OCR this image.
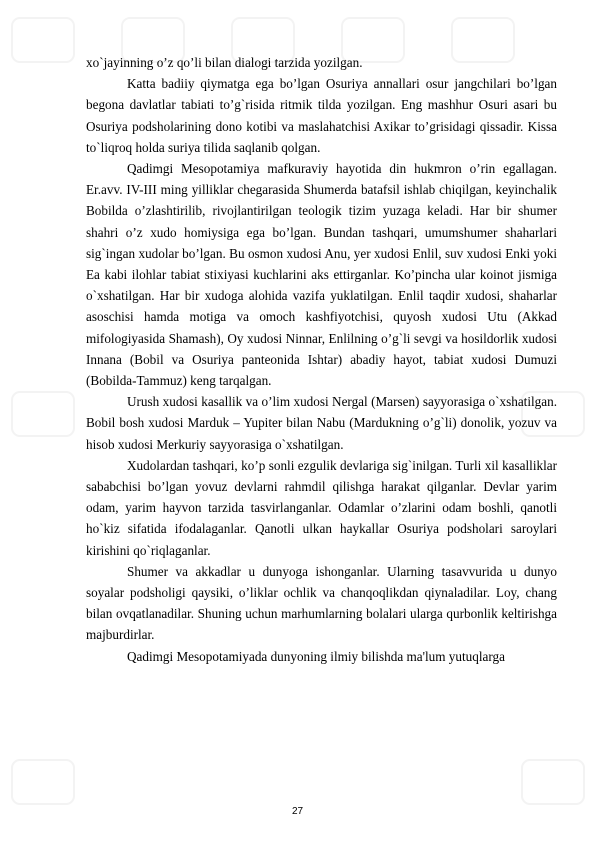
xo`jayinning o’z qo’li bilan dialogi tarzida yozilgan.

Katta badiiy qiymatga ega bo’lgan Osuriya annallari osur jangchilari bo’lgan begona davlatlar tabiati to’g`risida ritmik tilda yozilgan. Eng mashhur Osuri asari bu Osuriya podsholarining dono kotibi va maslahatchisi Axikar to’grisidagi qissadir. Kissa to`liqroq holda suriya tilida saqlanib qolgan.

Qadimgi Mesopotamiya mafkuraviy hayotida din hukmron o’rin egallagan. Er.avv. IV-III ming yilliklar chegarasida Shumerda batafsil ishlab chiqilgan, keyinchalik Bobilda o’zlashtirilib, rivojlantirilgan teologik tizim yuzaga keladi. Har bir shumer shahri o’z xudo homiysiga ega bo’lgan. Bundan tashqari, umumshumer shaharlari sig`ingan xudolar bo’lgan. Bu osmon xudosi Anu, yer xudosi Enlil, suv xudosi Enki yoki Ea kabi ilohlar tabiat stixiyasi kuchlarini aks ettirganlar. Ko’pincha ular koinot jismiga o`xshatilgan. Har bir xudoga alohida vazifa yuklatilgan. Enlil taqdir xudosi, shaharlar asoschisi hamda motiga va omoch kashfiyotchisi, quyosh xudosi Utu (Akkad mifologiyasida Shamash), Oy xudosi Ninnar, Enlilning o’g`li sevgi va hosildorlik xudosi Innana (Bobil va Osuriya panteonida Ishtar) abadiy hayot, tabiat xudosi Dumuzi (Bobilda-Tammuz) keng tarqalgan.

Urush xudosi kasallik va o’lim xudosi Nergal (Marsen) sayyorasiga o`xshatilgan. Bobil bosh xudosi Marduk – Yupiter bilan Nabu (Mardukning o’g`li) donolik, yozuv va hisob xudosi Merkuriy sayyorasiga o`xshatilgan.

Xudolardan tashqari, ko’p sonli ezgulik devlariga sig`inilgan. Turli xil kasalliklar sababchisi bo’lgan yovuz devlarni rahmdil qilishga harakat qilganlar. Devlar yarim odam, yarim hayvon tarzida tasvirlanganlar. Odamlar o’zlarini odam boshli, qanotli ho`kiz sifatida ifodalaganlar. Qanotli ulkan haykallar Osuriya podsholari saroylari kirishini qo`riqlaganlar.

Shumer va akkadlar u dunyoga ishonganlar. Ularning tasavvurida u dunyo soyalar podsholigi qaysiki, o’liklar ochlik va chanqoqlikdan qiynaladilar. Loy, chang bilan ovqatlanadilar. Shuning uchun marhumlarning bolalari ularga qurbonlik keltirishga majburdirlar.

Qadimgi Mesopotamiyada dunyoning ilmiy bilishda ma'lum yutuqlarga

27
